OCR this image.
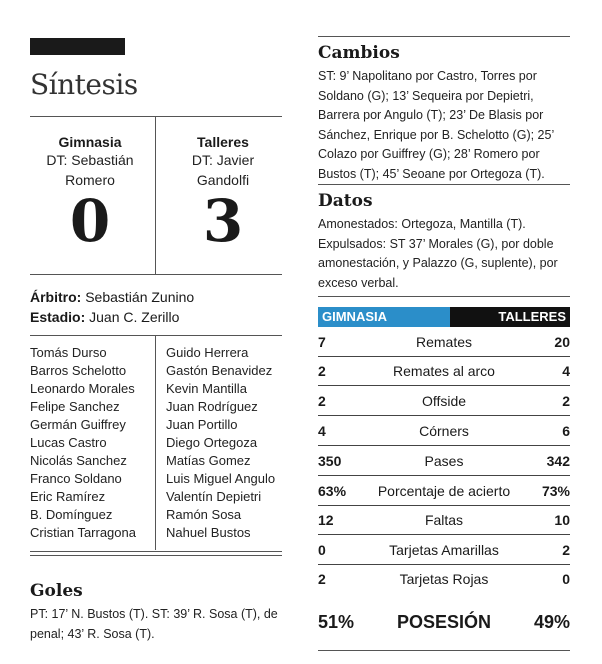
Síntesis
Gimnasia
DT: Sebastián
Romero
0
Talleres
DT: Javier
Gandolfi
3
Árbitro: Sebastián Zunino
Estadio: Juan C. Zerillo
Tomás Durso
Barros Schelotto
Leonardo Morales
Felipe Sanchez
Germán Guiffrey
Lucas Castro
Nicolás Sanchez
Franco Soldano
Eric Ramírez
B. Domínguez
Cristian Tarragona
Guido Herrera
Gastón Benavidez
Kevin Mantilla
Juan Rodríguez
Juan Portillo
Diego Ortegoza
Matías Gomez
Luis Miguel Angulo
Valentín Depietri
Ramón Sosa
Nahuel Bustos
Goles
PT: 17’ N. Bustos (T). ST: 39’ R. Sosa (T), de penal; 43’ R. Sosa (T).
Cambios
ST: 9’ Napolitano por Castro, Torres por Soldano (G); 13’ Sequeira por Depietri, Barrera por Angulo (T); 23’ De Blasis por Sánchez, Enrique por B. Schelotto (G); 25’ Colazo por Guiffrey (G); 28’ Romero por Bustos (T); 45’ Seoane por Ortegoza (T).
Datos
Amonestados: Ortegoza, Mantilla (T). Expulsados: ST 37’ Morales (G), por doble amonestación, y Palazzo (G, suplente), por exceso verbal.
GIMNASIA	TALLERES
7	Remates	20
2	Remates al arco	4
2	Offside	2
4	Córners	6
350	Pases	342
63%	Porcentaje de acierto	73%
12	Faltas	10
0	Tarjetas Amarillas	2
2	Tarjetas Rojas	0
51%	POSESIÓN	49%
